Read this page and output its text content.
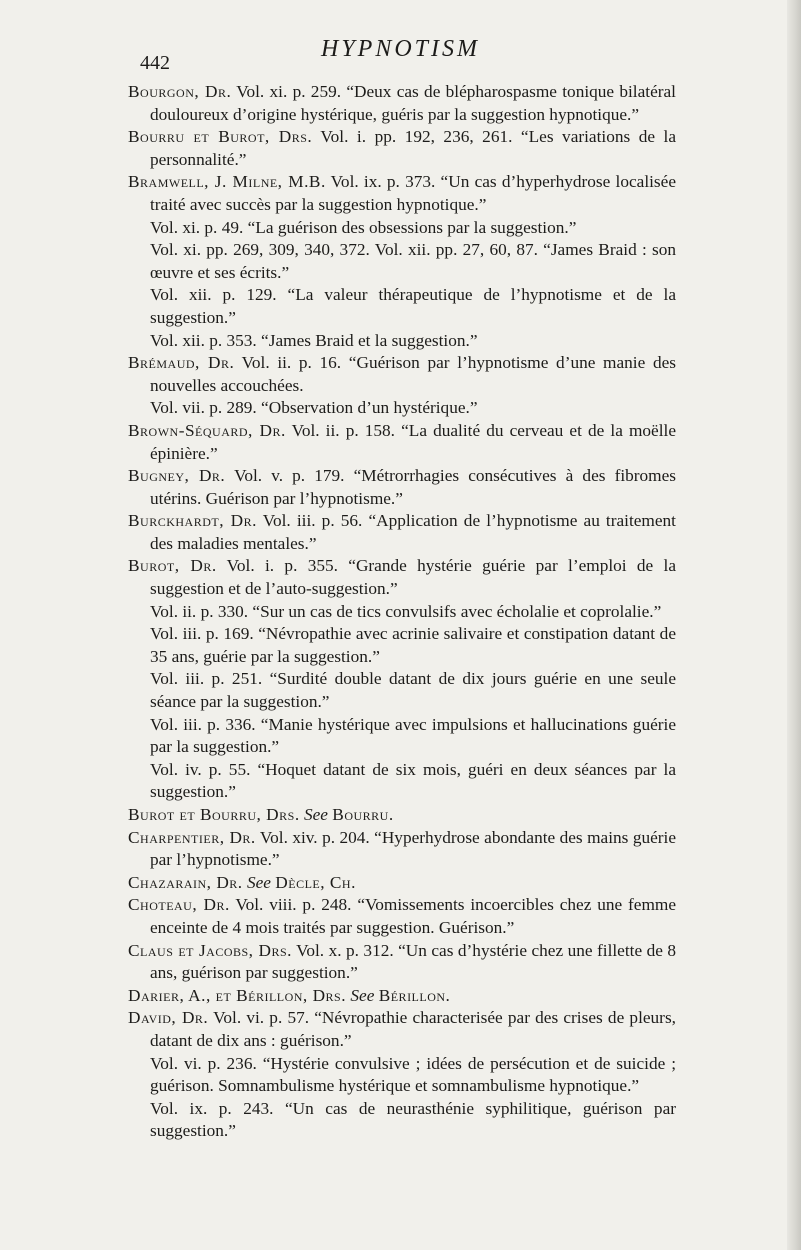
442
HYPNOTISM

Bourgon, Dr. Vol. xi. p. 259. “Deux cas de blépharospasme tonique bilatéral douloureux d’origine hystérique, guéris par la suggestion hypnotique.”

Bourru et Burot, Drs. Vol. i. pp. 192, 236, 261. “Les variations de la personnalité.”

Bramwell, J. Milne, M.B. Vol. ix. p. 373. “Un cas d’hyperhydrose localisée traité avec succès par la suggestion hypnotique.”

Vol. xi. p. 49. “La guérison des obsessions par la suggestion.”

Vol. xi. pp. 269, 309, 340, 372. Vol. xii. pp. 27, 60, 87. “James Braid : son œuvre et ses écrits.”

Vol. xii. p. 129. “La valeur thérapeutique de l’hypnotisme et de la suggestion.”

Vol. xii. p. 353. “James Braid et la suggestion.”

Brémaud, Dr. Vol. ii. p. 16. “Guérison par l’hypnotisme d’une manie des nouvelles accouchées.

Vol. vii. p. 289. “Observation d’un hystérique.”

Brown-Séquard, Dr. Vol. ii. p. 158. “La dualité du cerveau et de la moëlle épinière.”

Bugney, Dr. Vol. v. p. 179. “Métrorrhagies consécutives à des fibromes utérins. Guérison par l’hypnotisme.”

Burckhardt, Dr. Vol. iii. p. 56. “Application de l’hypnotisme au traitement des maladies mentales.”

Burot, Dr. Vol. i. p. 355. “Grande hystérie guérie par l’emploi de la suggestion et de l’auto-suggestion.”

Vol. ii. p. 330. “Sur un cas de tics convulsifs avec écholalie et coprolalie.”

Vol. iii. p. 169. “Névropathie avec acrinie salivaire et constipation datant de 35 ans, guérie par la suggestion.”

Vol. iii. p. 251. “Surdité double datant de dix jours guérie en une seule séance par la suggestion.”

Vol. iii. p. 336. “Manie hystérique avec impulsions et hallucinations guérie par la suggestion.”

Vol. iv. p. 55. “Hoquet datant de six mois, guéri en deux séances par la suggestion.”

Burot et Bourru, Drs. See Bourru.

Charpentier, Dr. Vol. xiv. p. 204. “Hyperhydrose abondante des mains guérie par l’hypnotisme.”

Chazarain, Dr. See Dècle, Ch.

Choteau, Dr. Vol. viii. p. 248. “Vomissements incoercibles chez une femme enceinte de 4 mois traités par suggestion. Guérison.”

Claus et Jacobs, Drs. Vol. x. p. 312. “Un cas d’hystérie chez une fillette de 8 ans, guérison par suggestion.”

Darier, A., et Bérillon, Drs. See Bérillon.

David, Dr. Vol. vi. p. 57. “Névropathie characterisée par des crises de pleurs, datant de dix ans : guérison.”

Vol. vi. p. 236. “Hystérie convulsive ; idées de persécution et de suicide ; guérison. Somnambulisme hystérique et somnambulisme hypnotique.”

Vol. ix. p. 243. “Un cas de neurasthénie syphilitique, guérison par suggestion.”
